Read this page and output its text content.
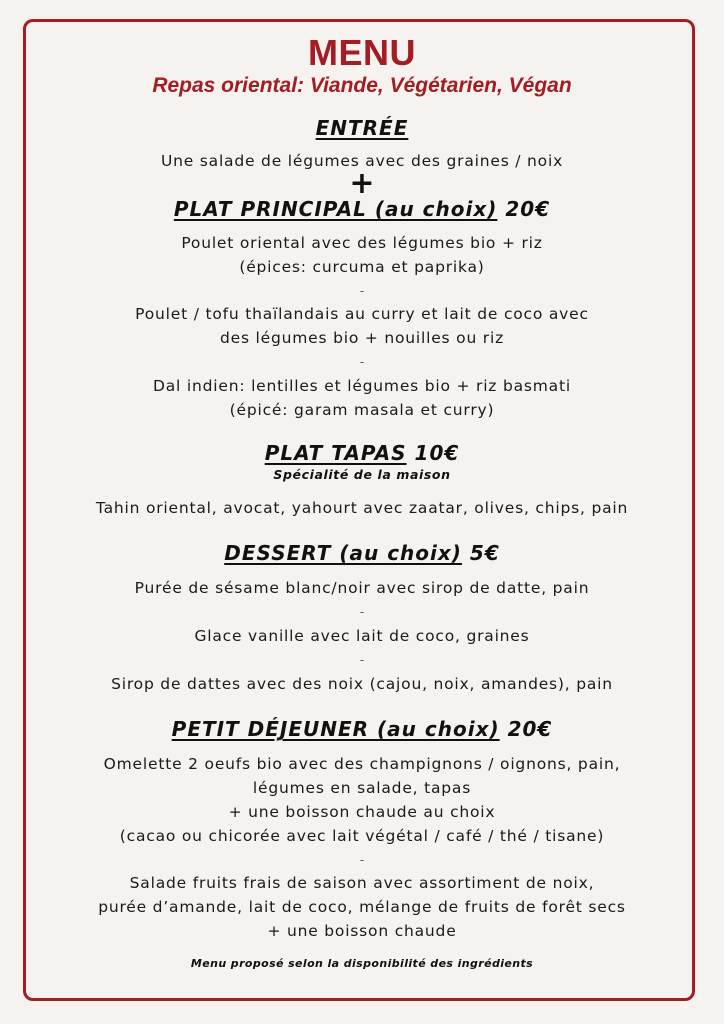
MENU
Repas oriental: Viande, Végétarien, Végan
ENTRÉE
Une salade de légumes avec des graines / noix
+
PLAT PRINCIPAL (au choix) 20€
Poulet oriental avec des légumes bio + riz
(épices: curcuma et paprika)
-
Poulet / tofu thaïlandais au curry et lait de coco avec
des légumes bio + nouilles ou riz
-
Dal indien: lentilles et légumes bio + riz basmati
(épicé: garam masala et curry)
PLAT TAPAS 10€
Spécialité de la maison
Tahin oriental, avocat, yahourt avec zaatar, olives, chips, pain
DESSERT (au choix) 5€
Purée de sésame blanc/noir avec sirop de datte, pain
-
Glace vanille avec lait de coco, graines
-
Sirop de dattes avec des noix (cajou, noix, amandes), pain
PETIT DÉJEUNER (au choix) 20€
Omelette 2 oeufs bio avec des champignons / oignons, pain,
légumes en salade, tapas
+ une boisson chaude au choix
(cacao ou chicorée avec lait végétal / café / thé / tisane)
-
Salade fruits frais de saison avec assortiment de noix,
purée d’amande, lait de coco, mélange de fruits de forêt secs
+ une boisson chaude
Menu proposé selon la disponibilité des ingrédients
